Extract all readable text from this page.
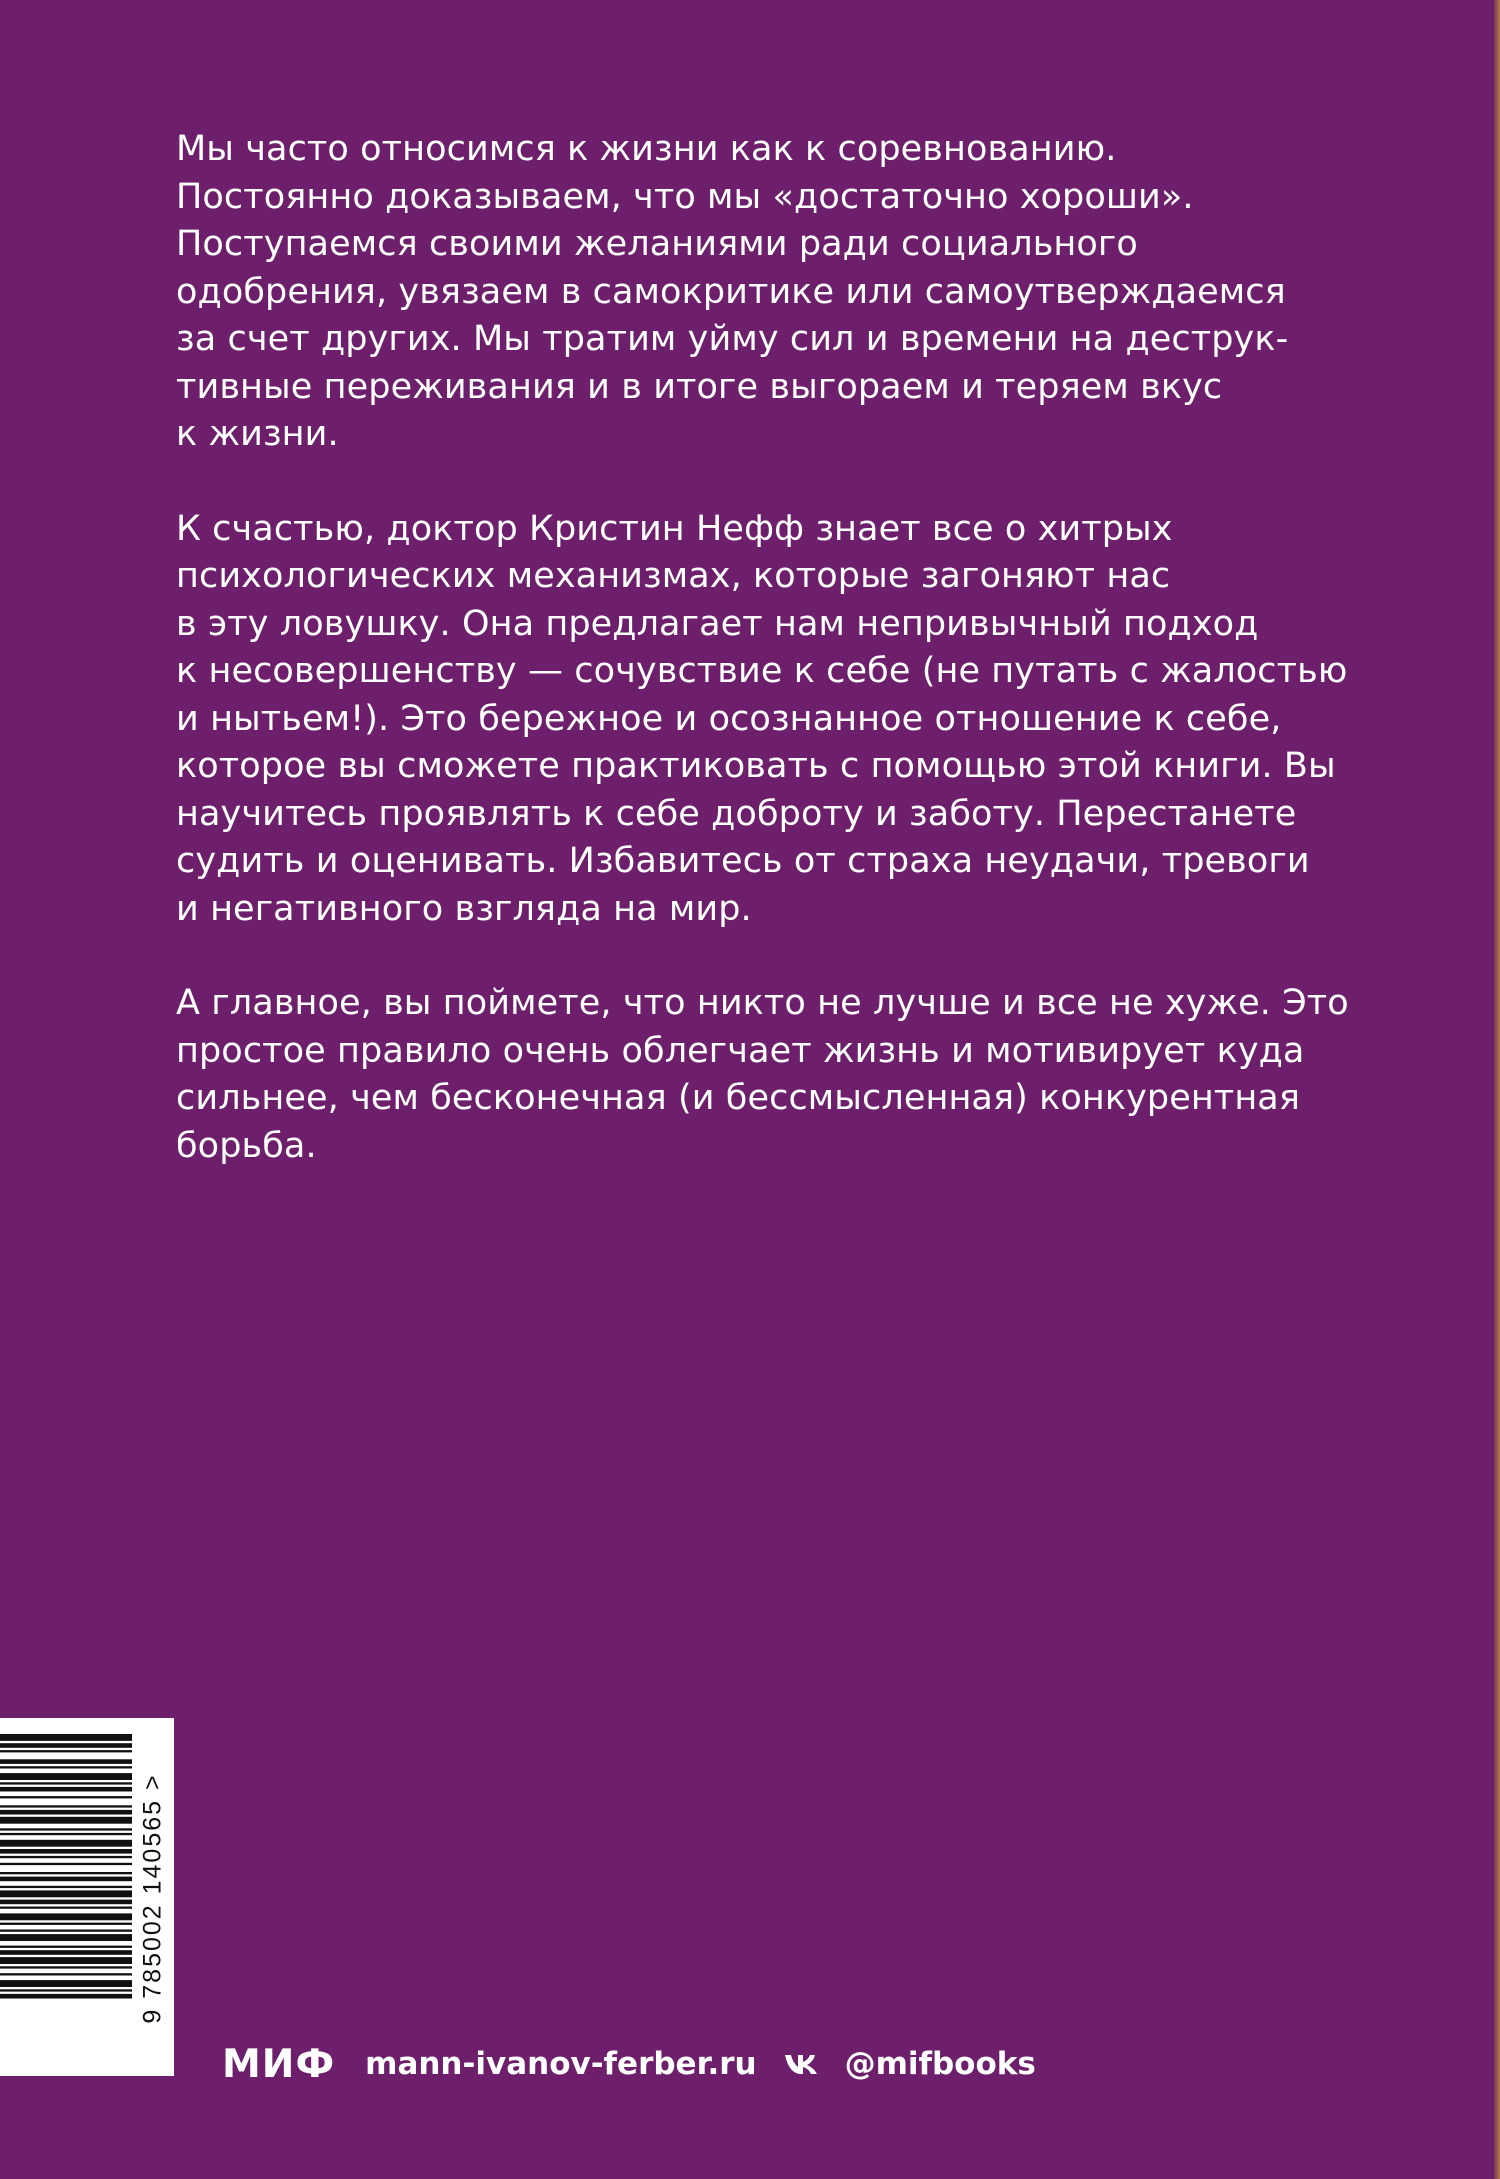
Мы часто относимся к жизни как к соревнованию.
Постоянно доказываем, что мы «достаточно хороши».
Поступаемся своими желаниями ради социального
одобрения, увязаем в самокритике или самоутверждаемся
за счет других. Мы тратим уйму сил и времени на деструк-
тивные переживания и в итоге выгораем и теряем вкус
к жизни.

К счастью, доктор Кристин Нефф знает все о хитрых
психологических механизмах, которые загоняют нас
в эту ловушку. Она предлагает нам непривычный подход
к несовершенству — сочувствие к себе (не путать с жалостью
и нытьем!). Это бережное и осознанное отношение к себе,
которое вы сможете практиковать с помощью этой книги. Вы
научитесь проявлять к себе доброту и заботу. Перестанете
судить и оценивать. Избавитесь от страха неудачи, тревоги
и негативного взгляда на мир.

А главное, вы поймете, что никто не лучше и все не хуже. Это
простое правило очень облегчает жизнь и мотивирует куда
сильнее, чем бесконечная (и бессмысленная) конкурентная
борьба.

9 785002 140565 >
МИФ mann-ivanov-ferber.ru	@mifbooks
